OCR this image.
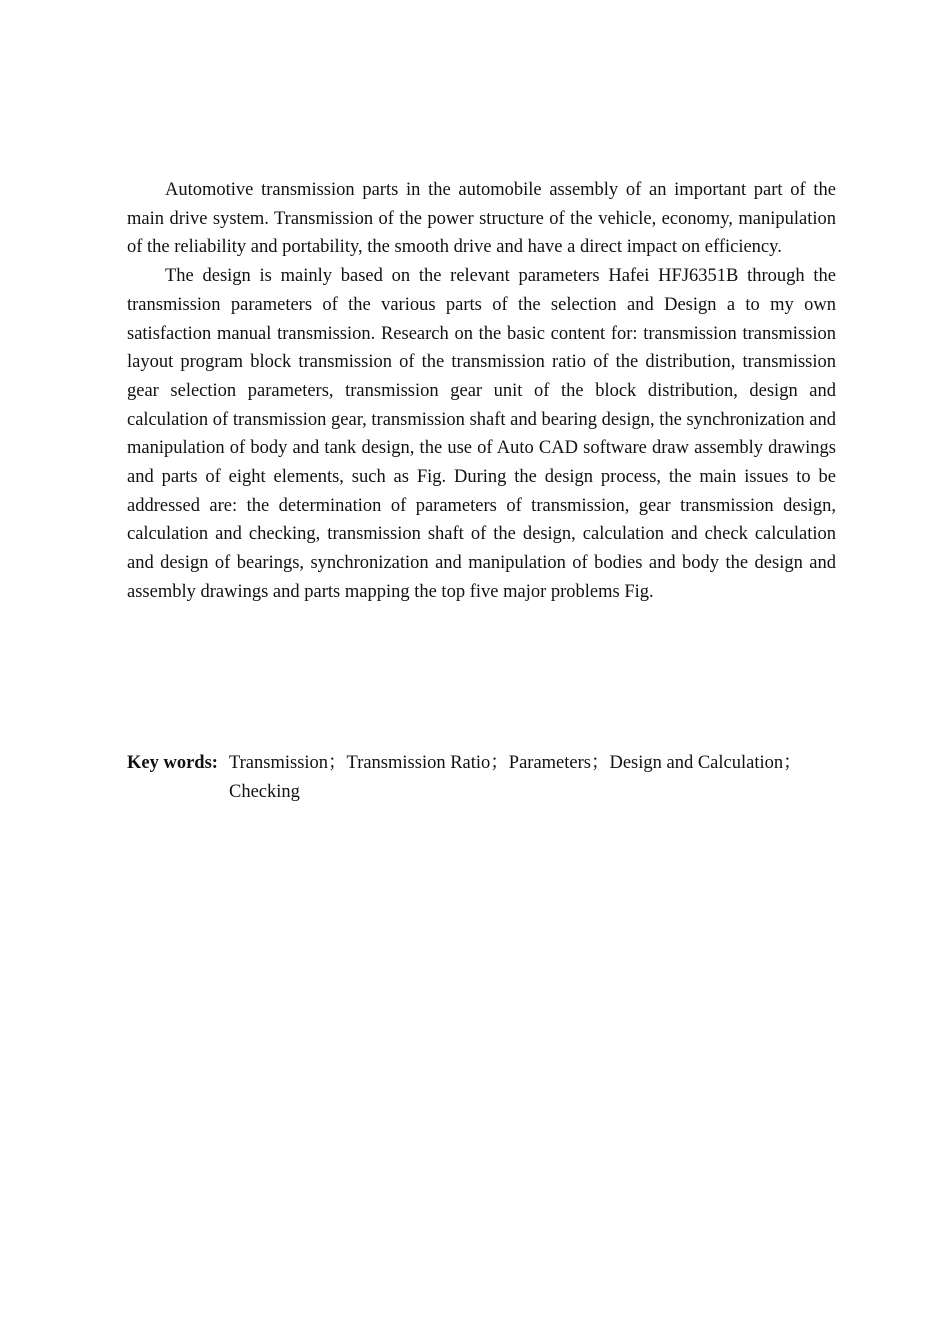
Automotive transmission parts in the automobile assembly of an important part of the main drive system. Transmission of the power structure of the vehicle, economy, manipulation of the reliability and portability, the smooth drive and have a direct impact on efficiency.

The design is mainly based on the relevant parameters Hafei HFJ6351B through the transmission parameters of the various parts of the selection and Design a to my own satisfaction manual transmission. Research on the basic content for: transmission transmission layout program block transmission of the transmission ratio of the distribution, transmission gear selection parameters, transmission gear unit of the block distribution, design and calculation of transmission gear, transmission shaft and bearing design, the synchronization and manipulation of body and tank design, the use of Auto CAD software draw assembly drawings and parts of eight elements, such as Fig. During the design process, the main issues to be addressed are: the determination of parameters of transmission, gear transmission design, calculation and checking, transmission shaft of the design, calculation and check calculation and design of bearings, synchronization and manipulation of bodies and body the design and assembly drawings and parts mapping the top five major problems Fig.

Key words: Transmission；Transmission Ratio；Parameters；Design and Calculation；Checking
